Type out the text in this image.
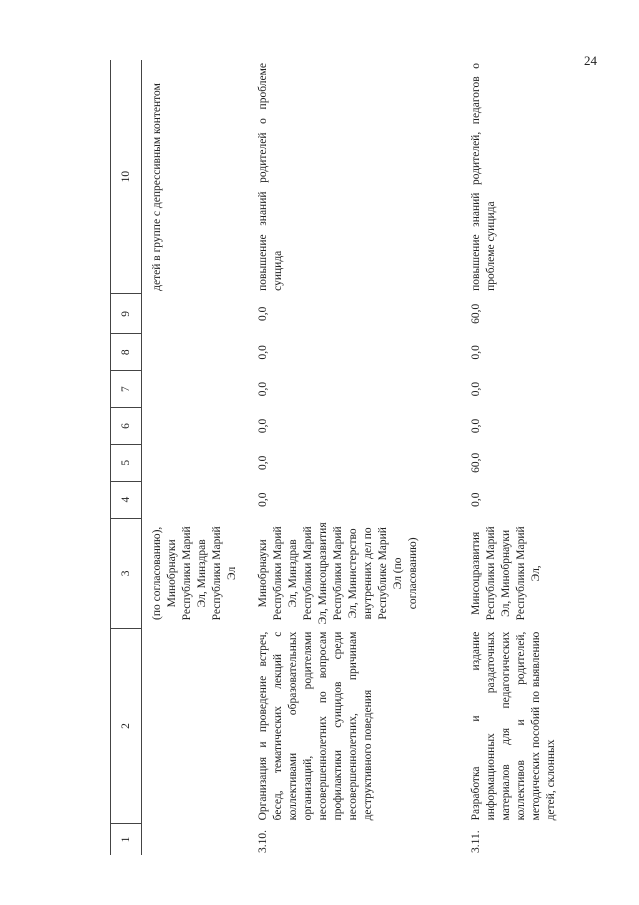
24
1	2	3	4	5	6	7	8	9	10
		(по согласованию), Минобрнауки Республики Марий Эл, Минздрав Республики Марий Эл							детей в группе с депрессивным контентом
3.10.	Организация и проведение встреч, бесед, тематических лекций с коллективами образовательных организаций, родителями несовершеннолетних по вопросам профилактики суицидов среди несовершеннолетних, причинам деструктивного поведения	Минобрнауки Республики Марий Эл, Минздрав Республики Марий Эл, Минсоцразвития Республики Марий Эл, Министерство внутренних дел по Республике Марий Эл (по согласованию)	0,0	0,0	0,0	0,0	0,0	0,0	повышение знаний родителей о проблеме суицида
3.11.	Разработка и издание информационных раздаточных материалов для педагогических коллективов и родителей, методических пособий по выявлению детей, склонных	Минсоцразвития Республики Марий Эл, Минобрнауки Республики Марий Эл,	0,0	60,0	0,0	0,0	0,0	60,0	повышение знаний родителей, педагогов о проблеме суицида
